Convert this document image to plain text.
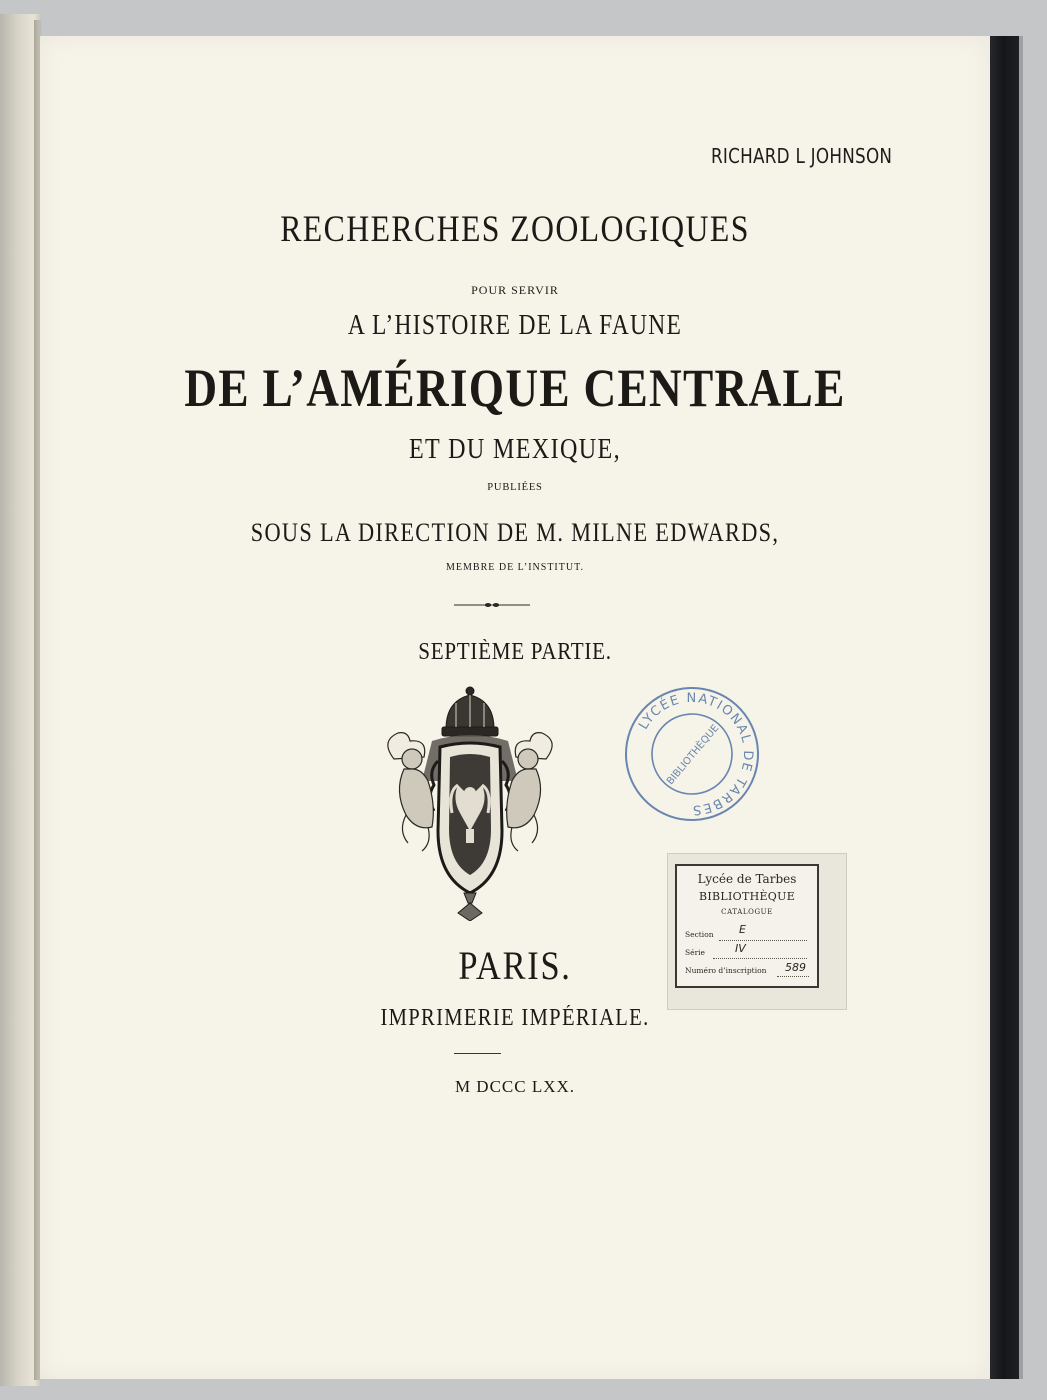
RICHARD L JOHNSON
RECHERCHES ZOOLOGIQUES
POUR SERVIR
A L’HISTOIRE DE LA FAUNE
DE L’AMÉRIQUE CENTRALE
ET DU MEXIQUE,
PUBLIÉES
SOUS LA DIRECTION DE M. MILNE EDWARDS,
MEMBRE DE L’INSTITUT.
SEPTIÈME PARTIE.
PARIS.
IMPRIMERIE IMPÉRIALE.
M DCCC LXX.
LYCÉE NATIONAL DE TARBES
BIBLIOTHÈQUE
Lycée de Tarbes
BIBLIOTHÈQUE
CATALOGUE
Section E
Série	IV
Numéro d’inscription 589
